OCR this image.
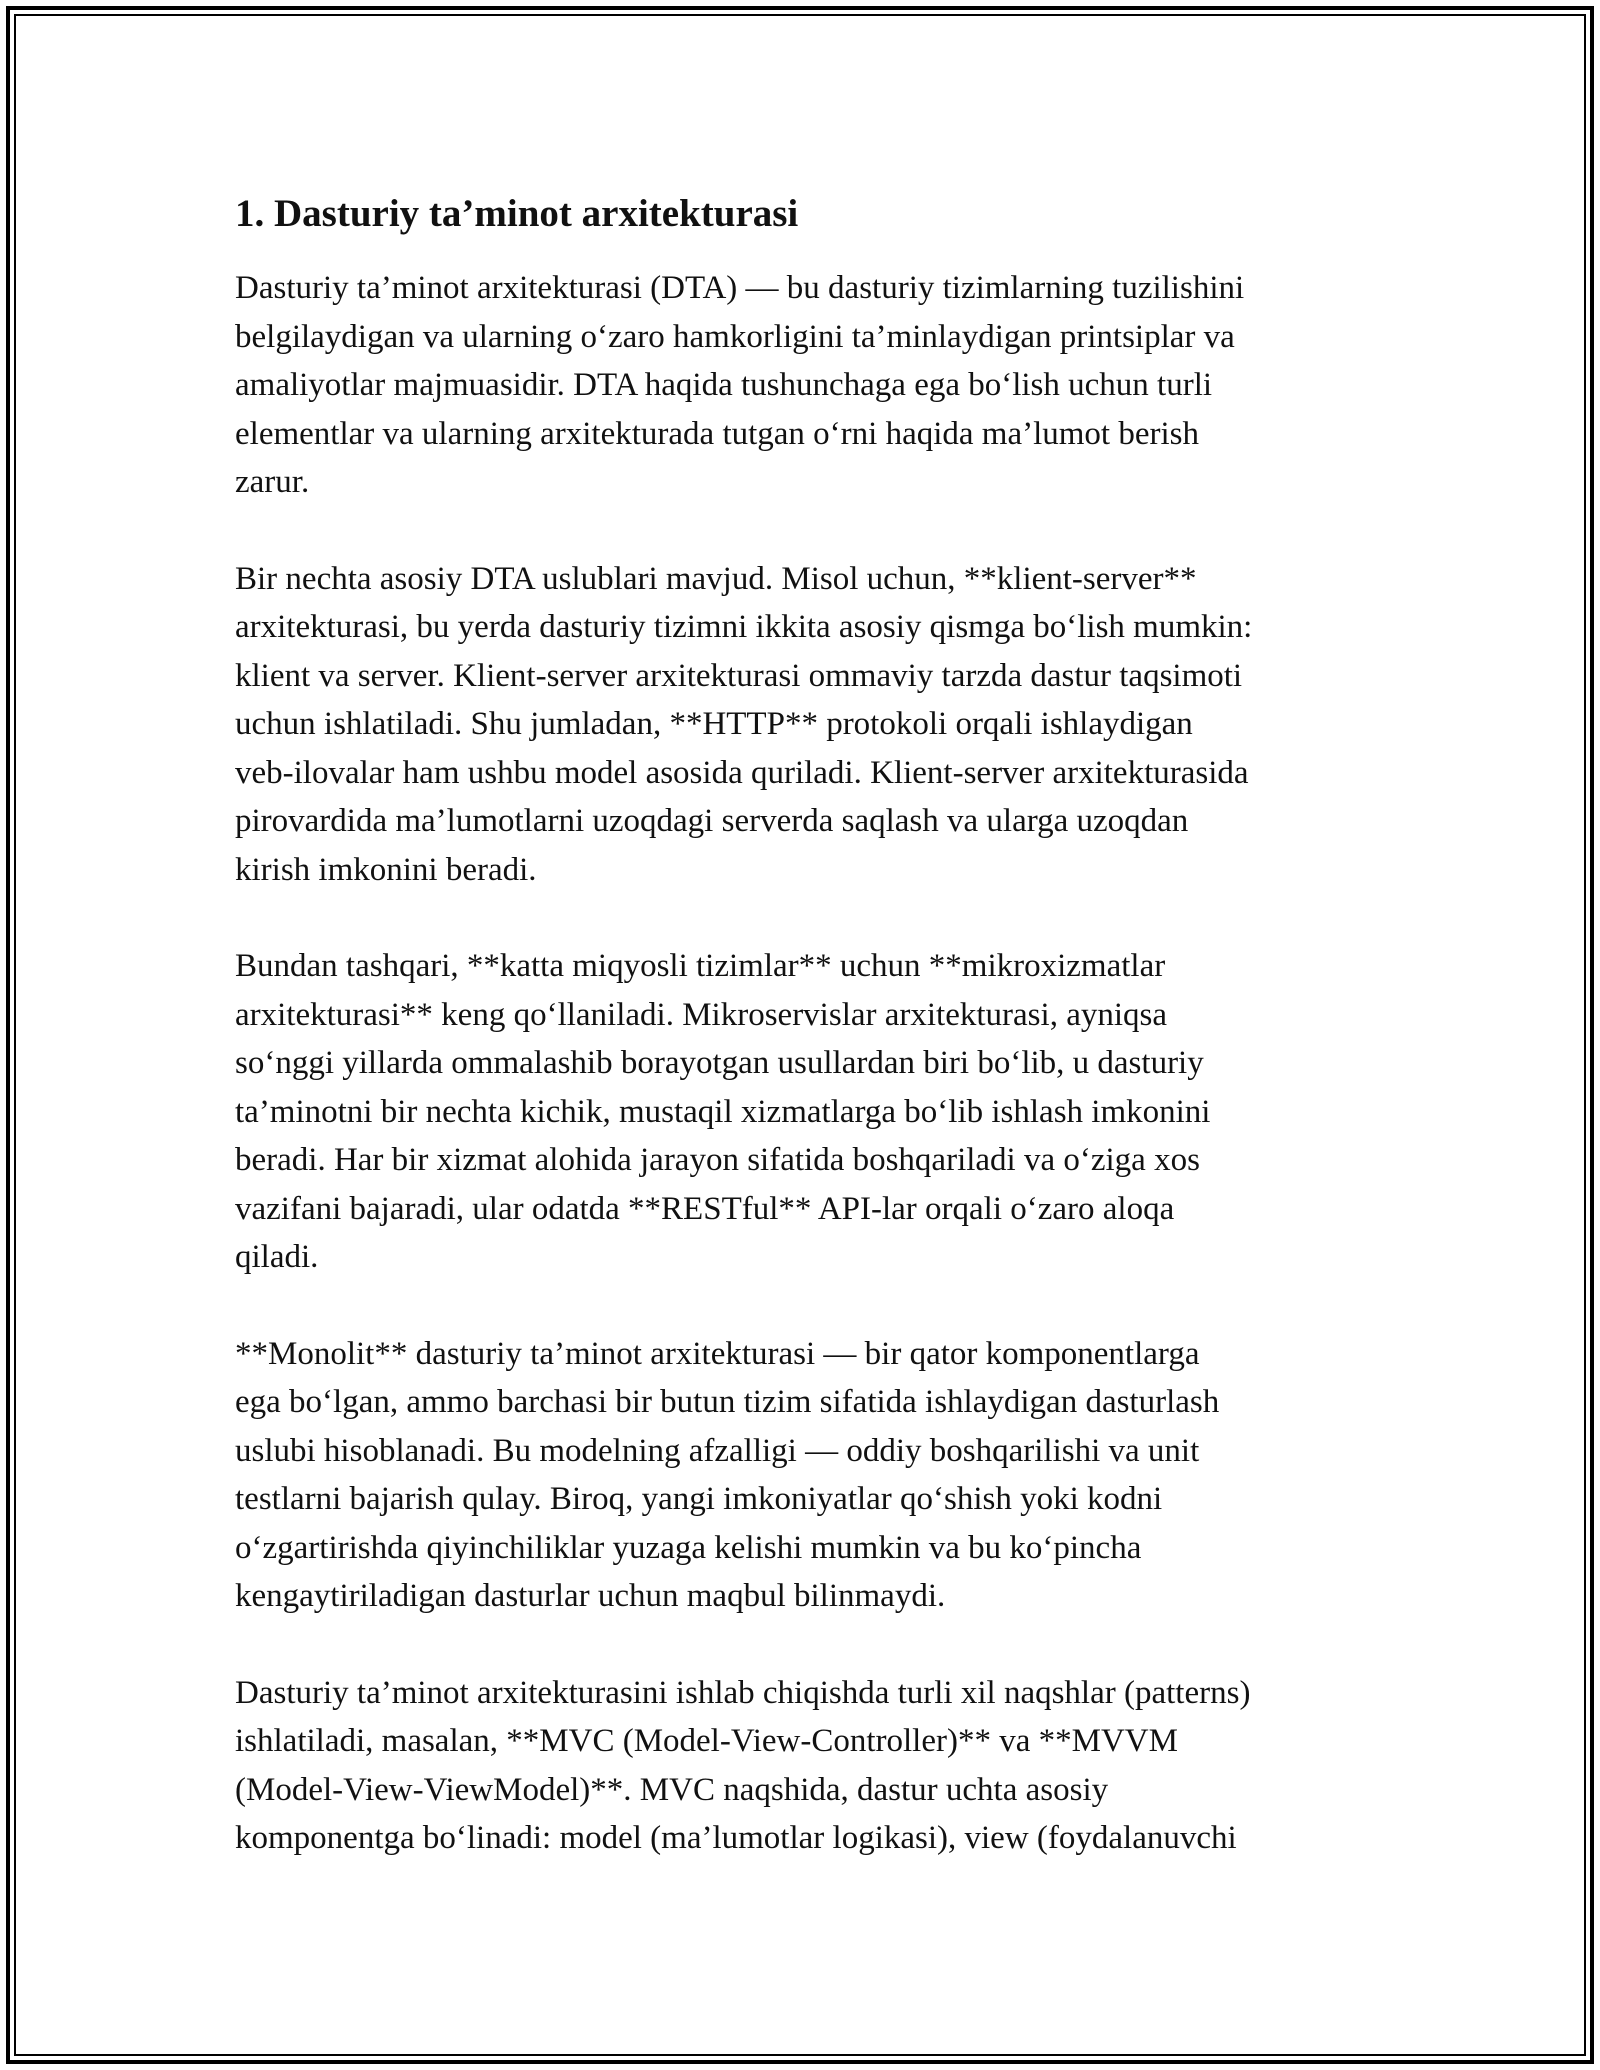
1. Dasturiy ta’minot arxitekturasi

Dasturiy ta’minot arxitekturasi (DTA) — bu dasturiy tizimlarning tuzilishini
belgilaydigan va ularning o‘zaro hamkorligini ta’minlaydigan printsiplar va
amaliyotlar majmuasidir. DTA haqida tushunchaga ega bo‘lish uchun turli
elementlar va ularning arxitekturada tutgan o‘rni haqida ma’lumot berish
zarur.

Bir nechta asosiy DTA uslublari mavjud. Misol uchun, **klient-server**
arxitekturasi, bu yerda dasturiy tizimni ikkita asosiy qismga bo‘lish mumkin:
klient va server. Klient-server arxitekturasi ommaviy tarzda dastur taqsimoti
uchun ishlatiladi. Shu jumladan, **HTTP** protokoli orqali ishlaydigan
veb-ilovalar ham ushbu model asosida quriladi. Klient-server arxitekturasida
pirovardida ma’lumotlarni uzoqdagi serverda saqlash va ularga uzoqdan
kirish imkonini beradi.

Bundan tashqari, **katta miqyosli tizimlar** uchun **mikroxizmatlar
arxitekturasi** keng qo‘llaniladi. Mikroservislar arxitekturasi, ayniqsa
so‘nggi yillarda ommalashib borayotgan usullardan biri bo‘lib, u dasturiy
ta’minotni bir nechta kichik, mustaqil xizmatlarga bo‘lib ishlash imkonini
beradi. Har bir xizmat alohida jarayon sifatida boshqariladi va o‘ziga xos
vazifani bajaradi, ular odatda **RESTful** API-lar orqali o‘zaro aloqa
qiladi.

**Monolit** dasturiy ta’minot arxitekturasi — bir qator komponentlarga
ega bo‘lgan, ammo barchasi bir butun tizim sifatida ishlaydigan dasturlash
uslubi hisoblanadi. Bu modelning afzalligi — oddiy boshqarilishi va unit
testlarni bajarish qulay. Biroq, yangi imkoniyatlar qo‘shish yoki kodni
o‘zgartirishda qiyinchiliklar yuzaga kelishi mumkin va bu ko‘pincha
kengaytiriladigan dasturlar uchun maqbul bilinmaydi.

Dasturiy ta’minot arxitekturasini ishlab chiqishda turli xil naqshlar (patterns)
ishlatiladi, masalan, **MVC (Model-View-Controller)** va **MVVM
(Model-View-ViewModel)**. MVC naqshida, dastur uchta asosiy
komponentga bo‘linadi: model (ma’lumotlar logikasi), view (foydalanuvchi
